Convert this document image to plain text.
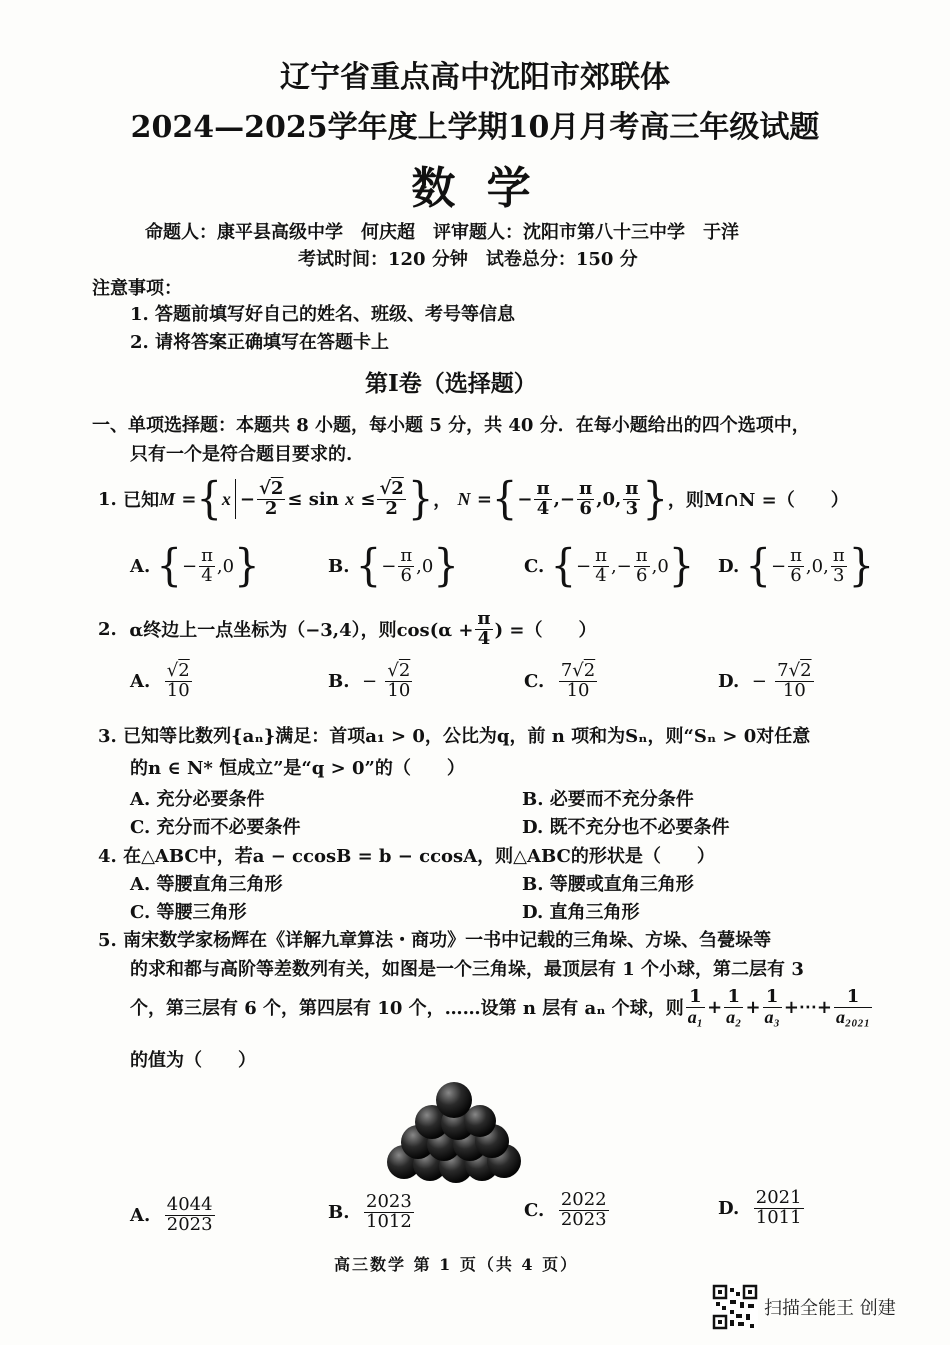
辽宁省重点高中沈阳市郊联体
2024—2025学年度上学期10月月考高三年级试题
数 学
命题人：康平县高级中学　何庆超　评审题人：沈阳市第八十三中学　于洋
考试时间：120 分钟　试卷总分：150 分
注意事项：
1. 答题前填写好自己的姓名、班级、考号等信息
2. 请将答案正确填写在答题卡上
第Ⅰ卷（选择题）
一、单项选择题：本题共 8 小题，每小题 5 分，共 40 分．在每小题给出的四个选项中，
只有一个是符合题目要求的.
1.
已知 M = { $x - \frac{√2}{2} \le \sin$
$x \le \frac{√2}{2}$ } ， N = { − $\frac{\pi}{4}$ ,− $\frac{\pi}{6}$ , 0 , $\frac{\pi}{3}$ } ，则M∩N =（　　）
A.
{ − $\frac{\pi}{4}$ , 0 }	B.
{ − $\frac{\pi}{6}$ , 0 }	C.
{ − $\frac{\pi}{4}$ ,− $\frac{\pi}{6}$ , 0 } D.
{ − $\frac{\pi}{6}$ , 0 , $\frac{\pi}{3}$ }
2.
α终边上一点坐标为（−3,4），则$\cos(\alpha + \frac{\pi}{4}$ ) =（　　）
A.
$\frac{√2}{10}$	B.
−
$\frac{√2}{10}$	C.
$\frac{7√2}{10}$	D.
−
$\frac{7√2}{10}$
3. 已知等比数列{aₙ}满足：首项a₁ > 0，公比为q，前 n 项和为Sₙ，则“Sₙ > 0对任意
的n ∈ N* 恒成立”是“q > 0”的（　　）
A. 充分必要条件	B. 必要而不充分条件
C. 充分而不必要条件	D. 既不充分也不必要条件
4. 在△ABC中，若a − ccosB = b − ccosA，则△ABC的形状是（　　）
A. 等腰直角三角形	B. 等腰或直角三角形
C. 等腰三角形	D. 直角三角形
5. 南宋数学家杨辉在《详解九章算法・商功》一书中记载的三角垛、方垛、刍甍垛等
的求和都与高阶等差数列有关，如图是一个三角垛，最顶层有 1 个小球，第二层有 3
个，第三层有 6 个，第四层有 10 个，……设第 n 层有 aₙ 个球，则 $\frac{1}{\text{a₁}} + \frac{1}{\text{a₂}} + \frac{1}{\text{a₃}}$ +⋯+ $\frac{1}{\text{a₂₀₂₁}}$
的值为（　　）
A.
$\frac{4044}{2023}$	B.
$\frac{2023}{1012}$	C.
$\frac{2022}{2023}$	D.
$\frac{2021}{1011}$
高三数学 第 1 页（共 4 页）
扫描全能王 创建
